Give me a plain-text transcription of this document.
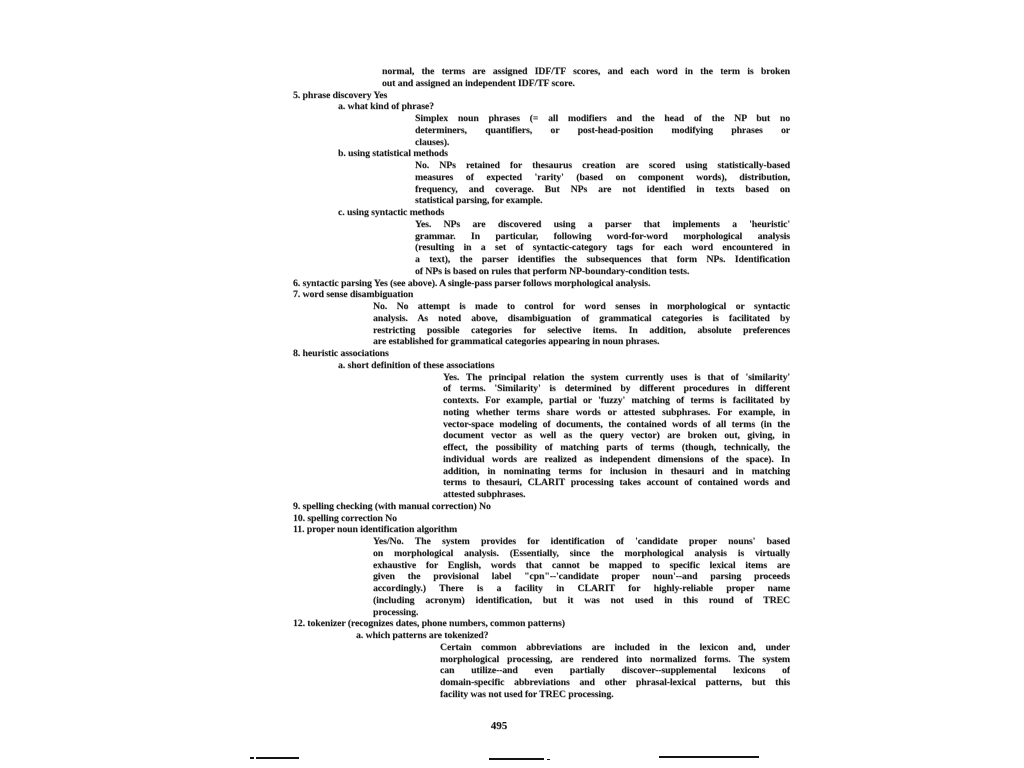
normal, the terms are assigned IDF/TF scores, and each word in the term is broken
out and assigned an independent IDF/TF score.
5. phrase discovery Yes
a. what kind of phrase?
Simplex noun phrases (= all modifiers and the head of the NP but no
determiners, quantifiers, or post-head-position modifying phrases or
clauses).
b. using statistical methods
No. NPs retained for thesaurus creation are scored using statistically-based
measures of expected 'rarity' (based on component words), distribution,
frequency, and coverage. But NPs are not identified in texts based on
statistical parsing, for example.
c. using syntactic methods
Yes. NPs are discovered using a parser that implements a 'heuristic'
grammar. In particular, following word-for-word morphological analysis
(resulting in a set of syntactic-category tags for each word encountered in
a text), the parser identifies the subsequences that form NPs. Identification
of NPs is based on rules that perform NP-boundary-condition tests.
6. syntactic parsing Yes (see above). A single-pass parser follows morphological analysis.
7. word sense disambiguation
No. No attempt is made to control for word senses in morphological or syntactic
analysis. As noted above, disambiguation of grammatical categories is facilitated by
restricting possible categories for selective items. In addition, absolute preferences
are established for grammatical categories appearing in noun phrases.
8. heuristic associations
a. short definition of these associations
Yes. The principal relation the system currently uses is that of 'similarity'
of terms. 'Similarity' is determined by different procedures in different
contexts. For example, partial or 'fuzzy' matching of terms is facilitated by
noting whether terms share words or attested subphrases. For example, in
vector-space modeling of documents, the contained words of all terms (in the
document vector as well as the query vector) are broken out, giving, in
effect, the possibility of matching parts of terms (though, technically, the
individual words are realized as independent dimensions of the space). In
addition, in nominating terms for inclusion in thesauri and in matching
terms to thesauri, CLARIT processing takes account of contained words and
attested subphrases.
9. spelling checking (with manual correction) No
10. spelling correction No
11. proper noun identification algorithm
Yes/No. The system provides for identification of 'candidate proper nouns' based
on morphological analysis. (Essentially, since the morphological analysis is virtually
exhaustive for English, words that cannot be mapped to specific lexical items are
given the provisional label "cpn"--'candidate proper noun'--and parsing proceeds
accordingly.) There is a facility in CLARIT for highly-reliable proper name
(including acronym) identification, but it was not used in this round of TREC
processing.
12. tokenizer (recognizes dates, phone numbers, common patterns)
a. which patterns are tokenized?
Certain common abbreviations are included in the lexicon and, under
morphological processing, are rendered into normalized forms. The system
can utilize--and even partially discover--supplemental lexicons of
domain-specific abbreviations and other phrasal-lexical patterns, but this
facility was not used for TREC processing.
495
